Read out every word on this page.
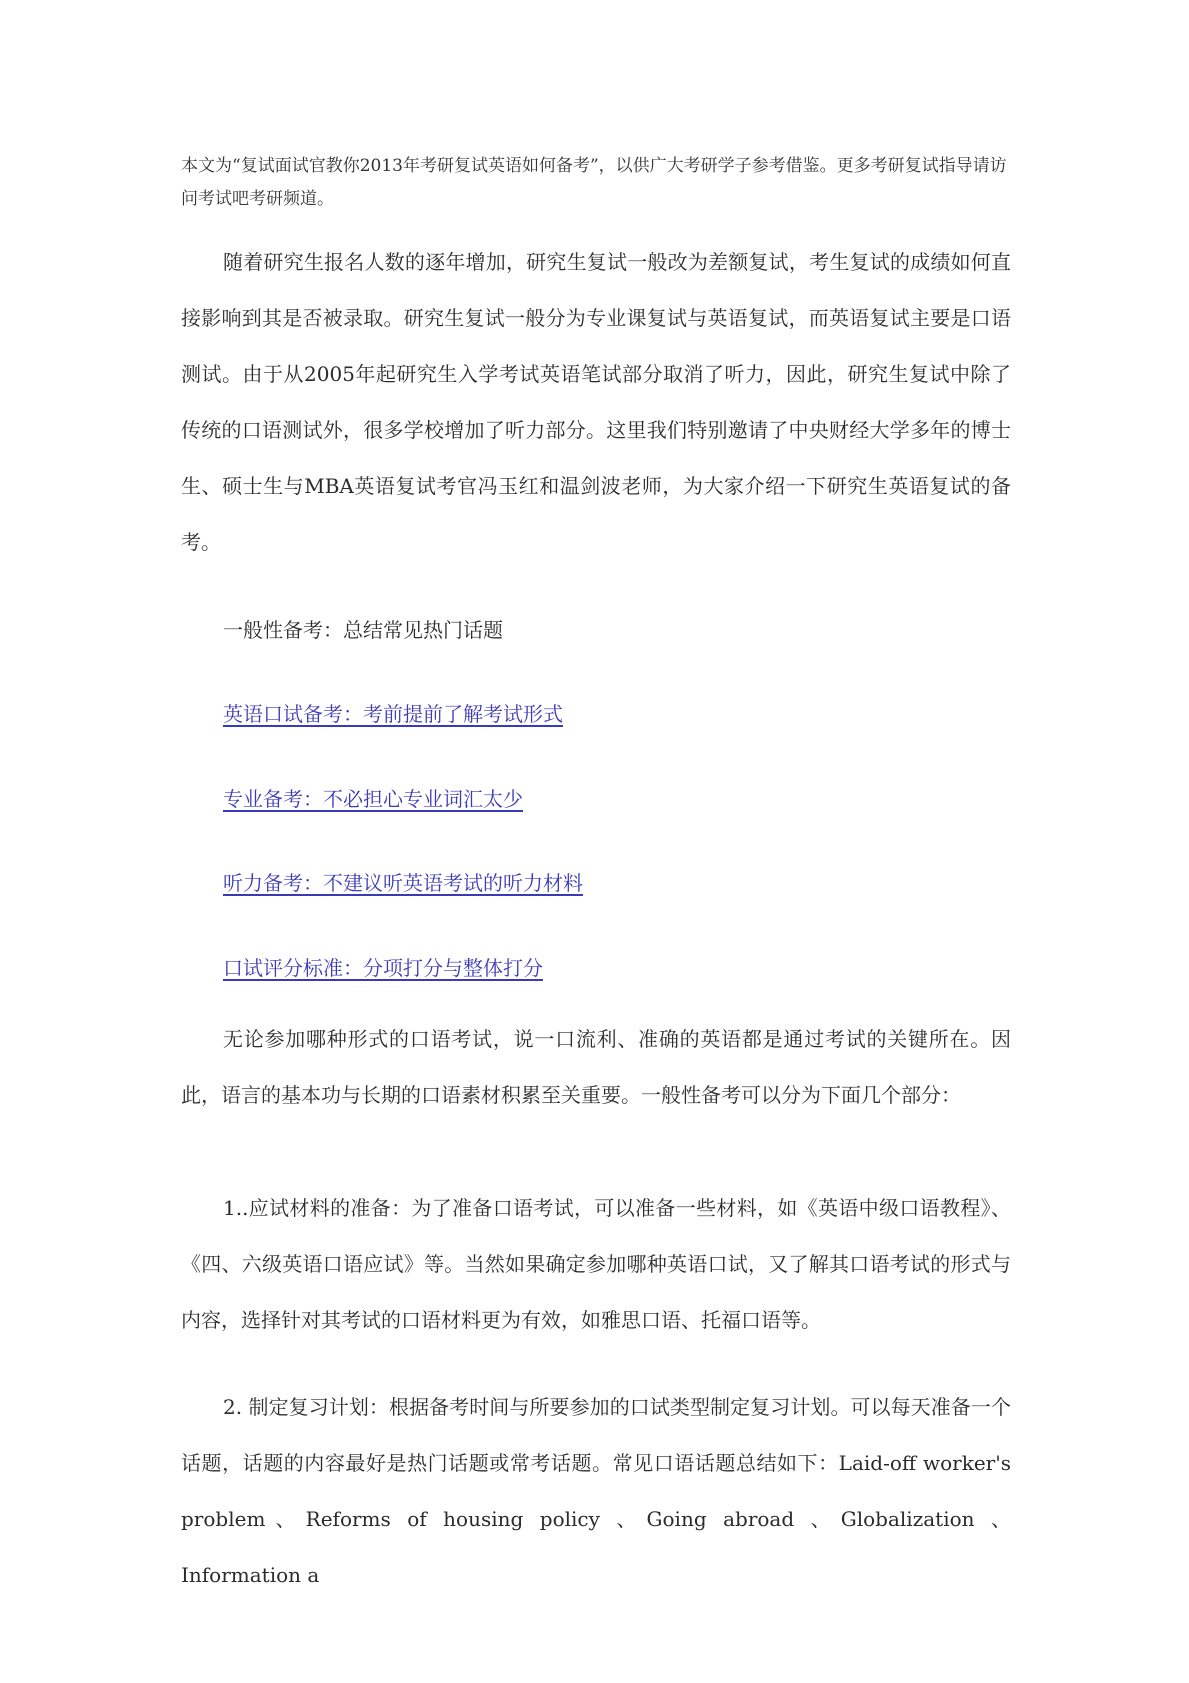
本文为“复试面试官教你2013年考研复试英语如何备考”，以供广大考研学子参考借鉴。更多考研复试指导请访问考试吧考研频道。
随着研究生报名人数的逐年增加，研究生复试一般改为差额复试，考生复试的成绩如何直接影响到其是否被录取。研究生复试一般分为专业课复试与英语复试，而英语复试主要是口语测试。由于从2005年起研究生入学考试英语笔试部分取消了听力，因此，研究生复试中除了传统的口语测试外，很多学校增加了听力部分。这里我们特别邀请了中央财经大学多年的博士生、硕士生与MBA英语复试考官冯玉红和温剑波老师，为大家介绍一下研究生英语复试的备考。
一般性备考：总结常见热门话题
英语口试备考：考前提前了解考试形式
专业备考：不必担心专业词汇太少
听力备考：不建议听英语考试的听力材料
口试评分标准：分项打分与整体打分
无论参加哪种形式的口语考试，说一口流利、准确的英语都是通过考试的关键所在。因此，语言的基本功与长期的口语素材积累至关重要。一般性备考可以分为下面几个部分：
1..应试材料的准备：为了准备口语考试，可以准备一些材料，如《英语中级口语教程》、《四、六级英语口语应试》等。当然如果确定参加哪种英语口试，又了解其口语考试的形式与内容，选择针对其考试的口语材料更为有效，如雅思口语、托福口语等。
2. 制定复习计划：根据备考时间与所要参加的口试类型制定复习计划。可以每天准备一个话题，话题的内容最好是热门话题或常考话题。常见口语话题总结如下：Laid-off worker's problem、Reforms of housing policy 、Going abroad 、Globalization 、Information a
